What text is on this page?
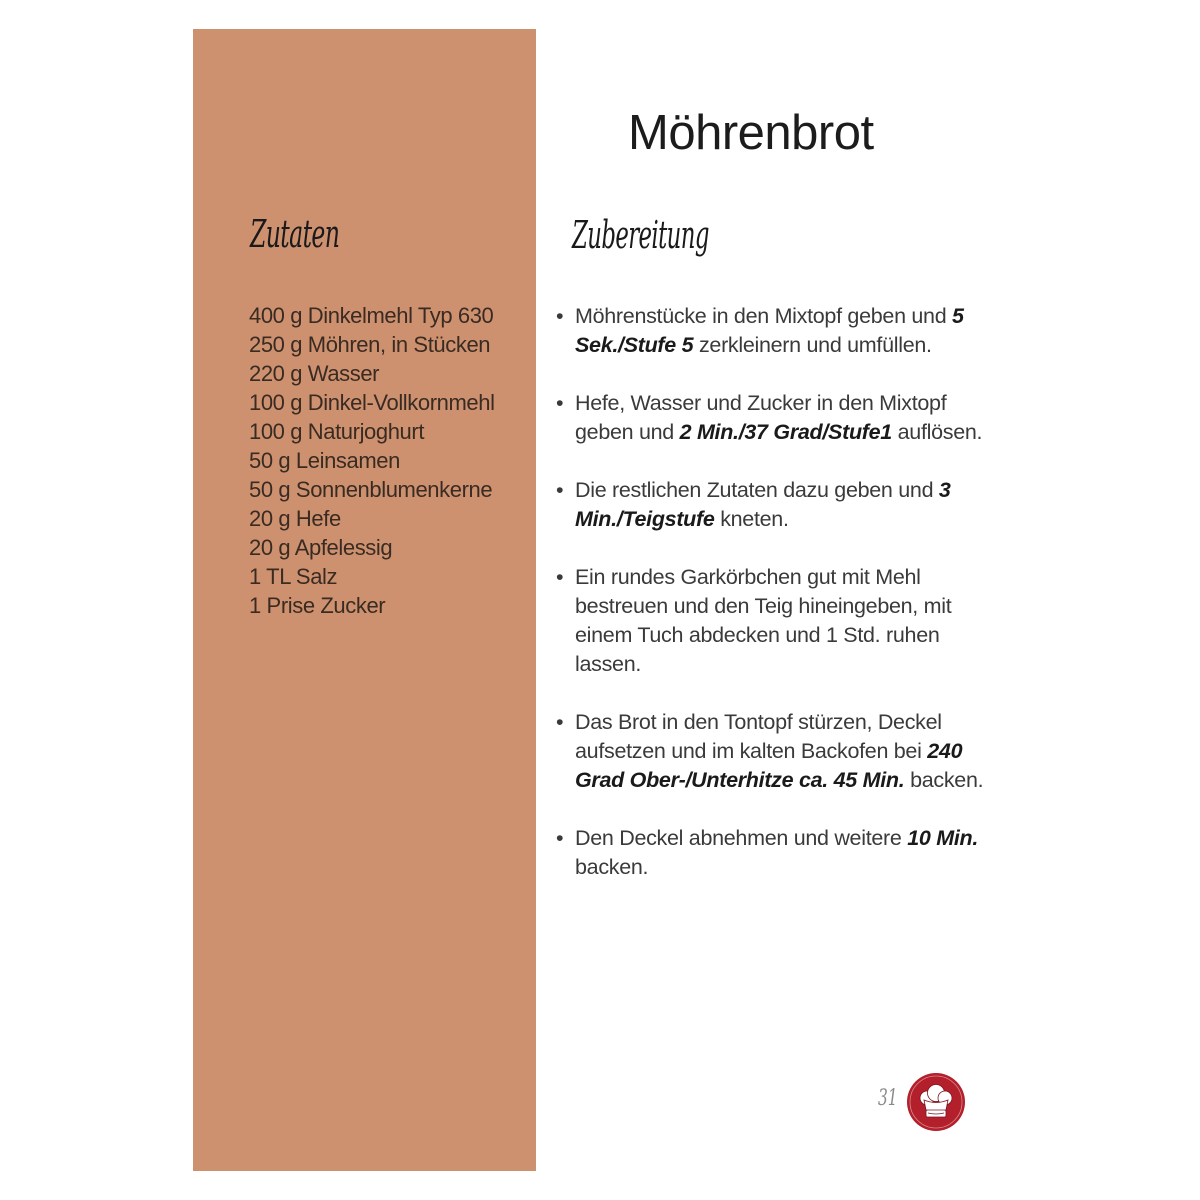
Zutaten
400 g Dinkelmehl Typ 630
250 g Möhren, in Stücken
220 g Wasser
100 g Dinkel-Vollkornmehl
100 g Naturjoghurt
50 g Leinsamen
50 g Sonnenblumenkerne
20 g Hefe
20 g Apfelessig
1 TL Salz
1 Prise Zucker
Möhrenbrot
Zubereitung
• Möhrenstücke in den Mixtopf geben und 5 Sek./Stufe 5 zerkleinern und umfüllen.
• Hefe, Wasser und Zucker in den Mixtopf geben und 2 Min./37 Grad/Stufe1 auflösen.
• Die restlichen Zutaten dazu geben und 3 Min./Teigstufe kneten.
• Ein rundes Garkörbchen gut mit Mehl bestreuen und den Teig hineingeben, mit einem Tuch abdecken und 1 Std. ruhen lassen.
• Das Brot in den Tontopf stürzen, Deckel aufsetzen und im kalten Backofen bei 240 Grad Ober-/Unterhitze ca. 45 Min. backen.
• Den Deckel abnehmen und weitere 10 Min. backen.
31
